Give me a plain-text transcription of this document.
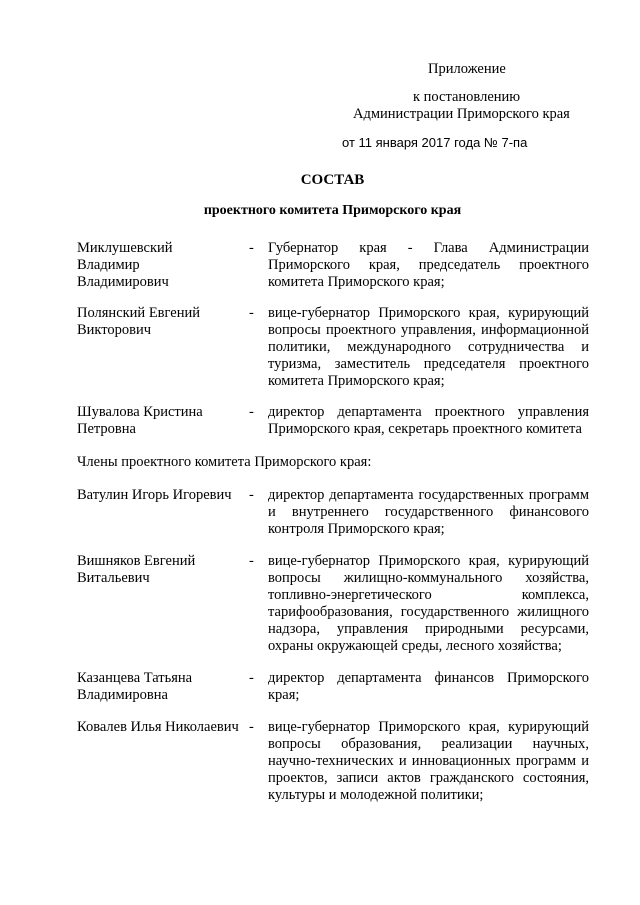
Приложение
к постановлению
Администрации Приморского края
от 11 января 2017 года № 7-па
СОСТАВ
проектного комитета Приморского края
Миклушевский Владимир Владимирович
- Губернатор края - Глава Администрации Приморского края, председатель проектного комитета Приморского края;
Полянский Евгений Викторович
- вице-губернатор Приморского края, курирующий вопросы проектного управления, информационной политики, международного сотрудничества и туризма, заместитель председателя проектного комитета Приморского края;
Шувалова Кристина Петровна
- директор департамента проектного управления Приморского края, секретарь проектного комитета
Члены проектного комитета Приморского края:
Ватулин Игорь Игоревич	- директор департамента государственных программ и внутреннего государственного финансового контроля Приморского края;
Вишняков Евгений Витальевич
- вице-губернатор Приморского края, курирующий вопросы жилищно-коммунального хозяйства, топливно-энергетического комплекса, тарифообразования, государственного жилищного надзора, управления природными ресурсами, охраны окружающей среды, лесного хозяйства;
Казанцева Татьяна Владимировна
- директор департамента финансов Приморского края;
Ковалев Илья Николаевич - вице-губернатор Приморского края, курирующий вопросы образования, реализации научных, научно-технических и инновационных программ и проектов, записи актов гражданского состояния, культуры и молодежной политики;
